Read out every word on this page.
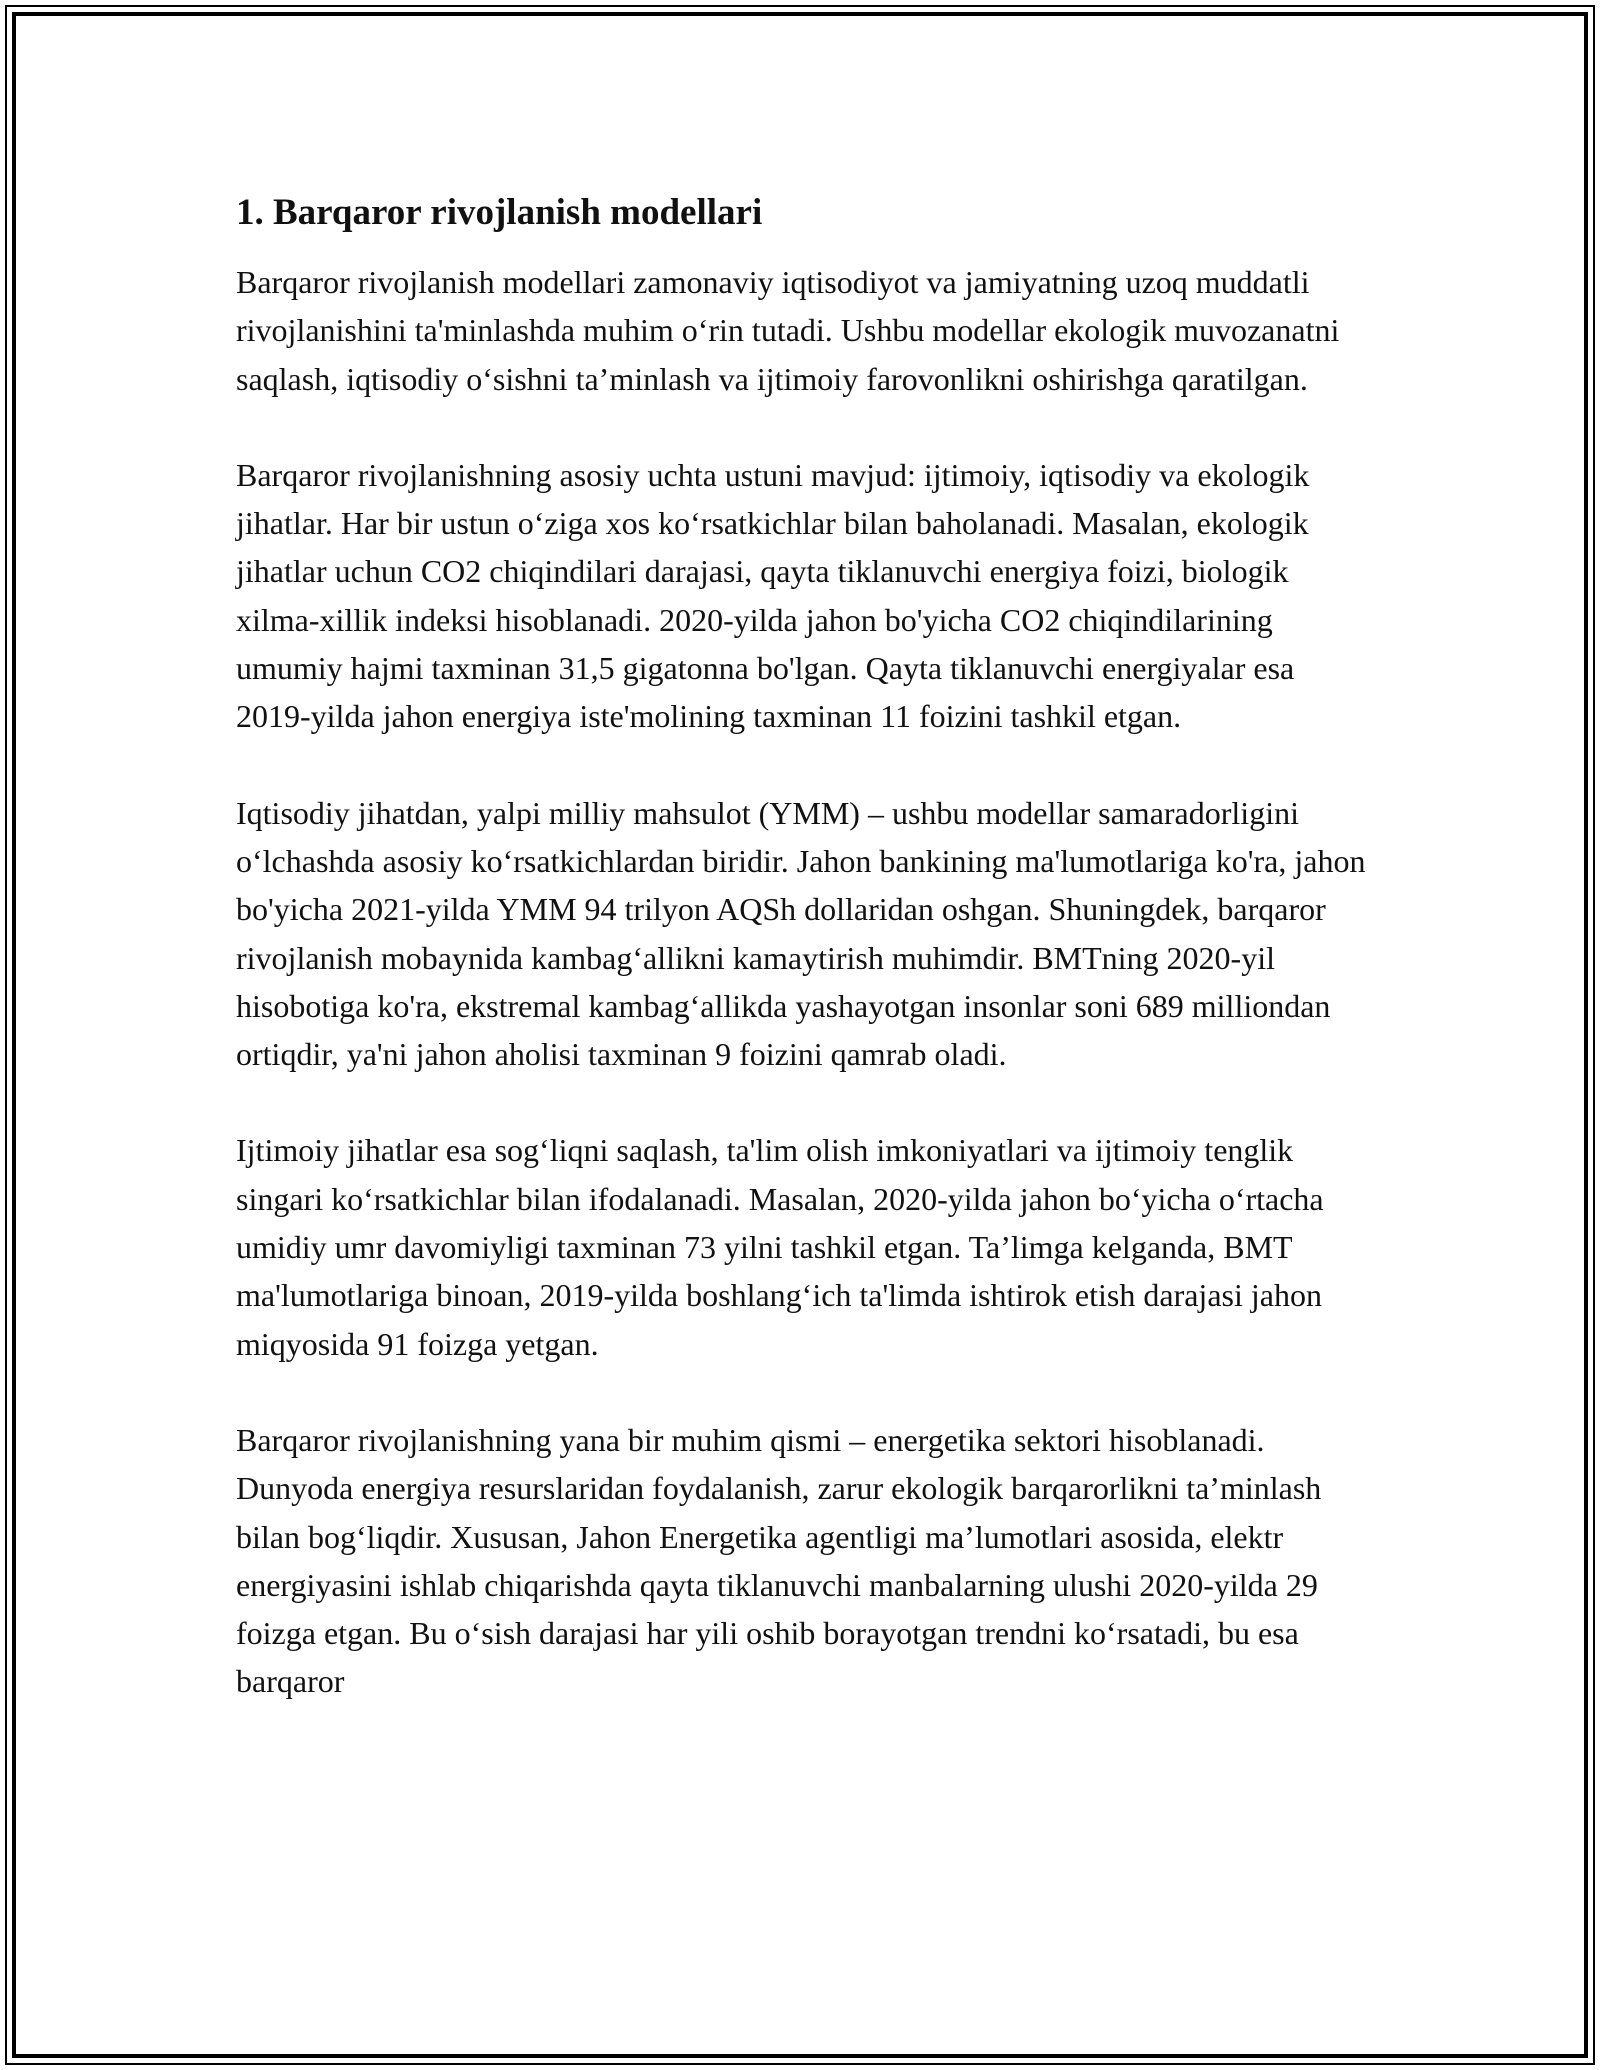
1. Barqaror rivojlanish modellari

Barqaror rivojlanish modellari zamonaviy iqtisodiyot va jamiyatning uzoq muddatli rivojlanishini ta'minlashda muhim o‘rin tutadi. Ushbu modellar ekologik muvozanatni saqlash, iqtisodiy o‘sishni ta’minlash va ijtimoiy farovonlikni oshirishga qaratilgan.

Barqaror rivojlanishning asosiy uchta ustuni mavjud: ijtimoiy, iqtisodiy va ekologik jihatlar. Har bir ustun o‘ziga xos ko‘rsatkichlar bilan baholanadi. Masalan, ekologik jihatlar uchun CO2 chiqindilari darajasi, qayta tiklanuvchi energiya foizi, biologik xilma-xillik indeksi hisoblanadi. 2020-yilda jahon bo'yicha CO2 chiqindilarining umumiy hajmi taxminan 31,5 gigatonna bo'lgan. Qayta tiklanuvchi energiyalar esa 2019-yilda jahon energiya iste'molining taxminan 11 foizini tashkil etgan.

Iqtisodiy jihatdan, yalpi milliy mahsulot (YMM) – ushbu modellar samaradorligini o‘lchashda asosiy ko‘rsatkichlardan biridir. Jahon bankining ma'lumotlariga ko'ra, jahon bo'yicha 2021-yilda YMM 94 trilyon AQSh dollaridan oshgan. Shuningdek, barqaror rivojlanish mobaynida kambag‘allikni kamaytirish muhimdir. BMTning 2020-yil hisobotiga ko'ra, ekstremal kambag‘allikda yashayotgan insonlar soni 689 milliondan ortiqdir, ya'ni jahon aholisi taxminan 9 foizini qamrab oladi.

Ijtimoiy jihatlar esa sog‘liqni saqlash, ta'lim olish imkoniyatlari va ijtimoiy tenglik singari ko‘rsatkichlar bilan ifodalanadi. Masalan, 2020-yilda jahon bo‘yicha o‘rtacha umidiy umr davomiyligi taxminan 73 yilni tashkil etgan. Ta’limga kelganda, BMT ma'lumotlariga binoan, 2019-yilda boshlang‘ich ta'limda ishtirok etish darajasi jahon miqyosida 91 foizga yetgan.

Barqaror rivojlanishning yana bir muhim qismi – energetika sektori hisoblanadi. Dunyoda energiya resurslaridan foydalanish, zarur ekologik barqarorlikni ta’minlash bilan bog‘liqdir. Xususan, Jahon Energetika agentligi ma’lumotlari asosida, elektr energiyasini ishlab chiqarishda qayta tiklanuvchi manbalarning ulushi 2020-yilda 29 foizga etgan. Bu o‘sish darajasi har yili oshib borayotgan trendni ko‘rsatadi, bu esa barqaror
